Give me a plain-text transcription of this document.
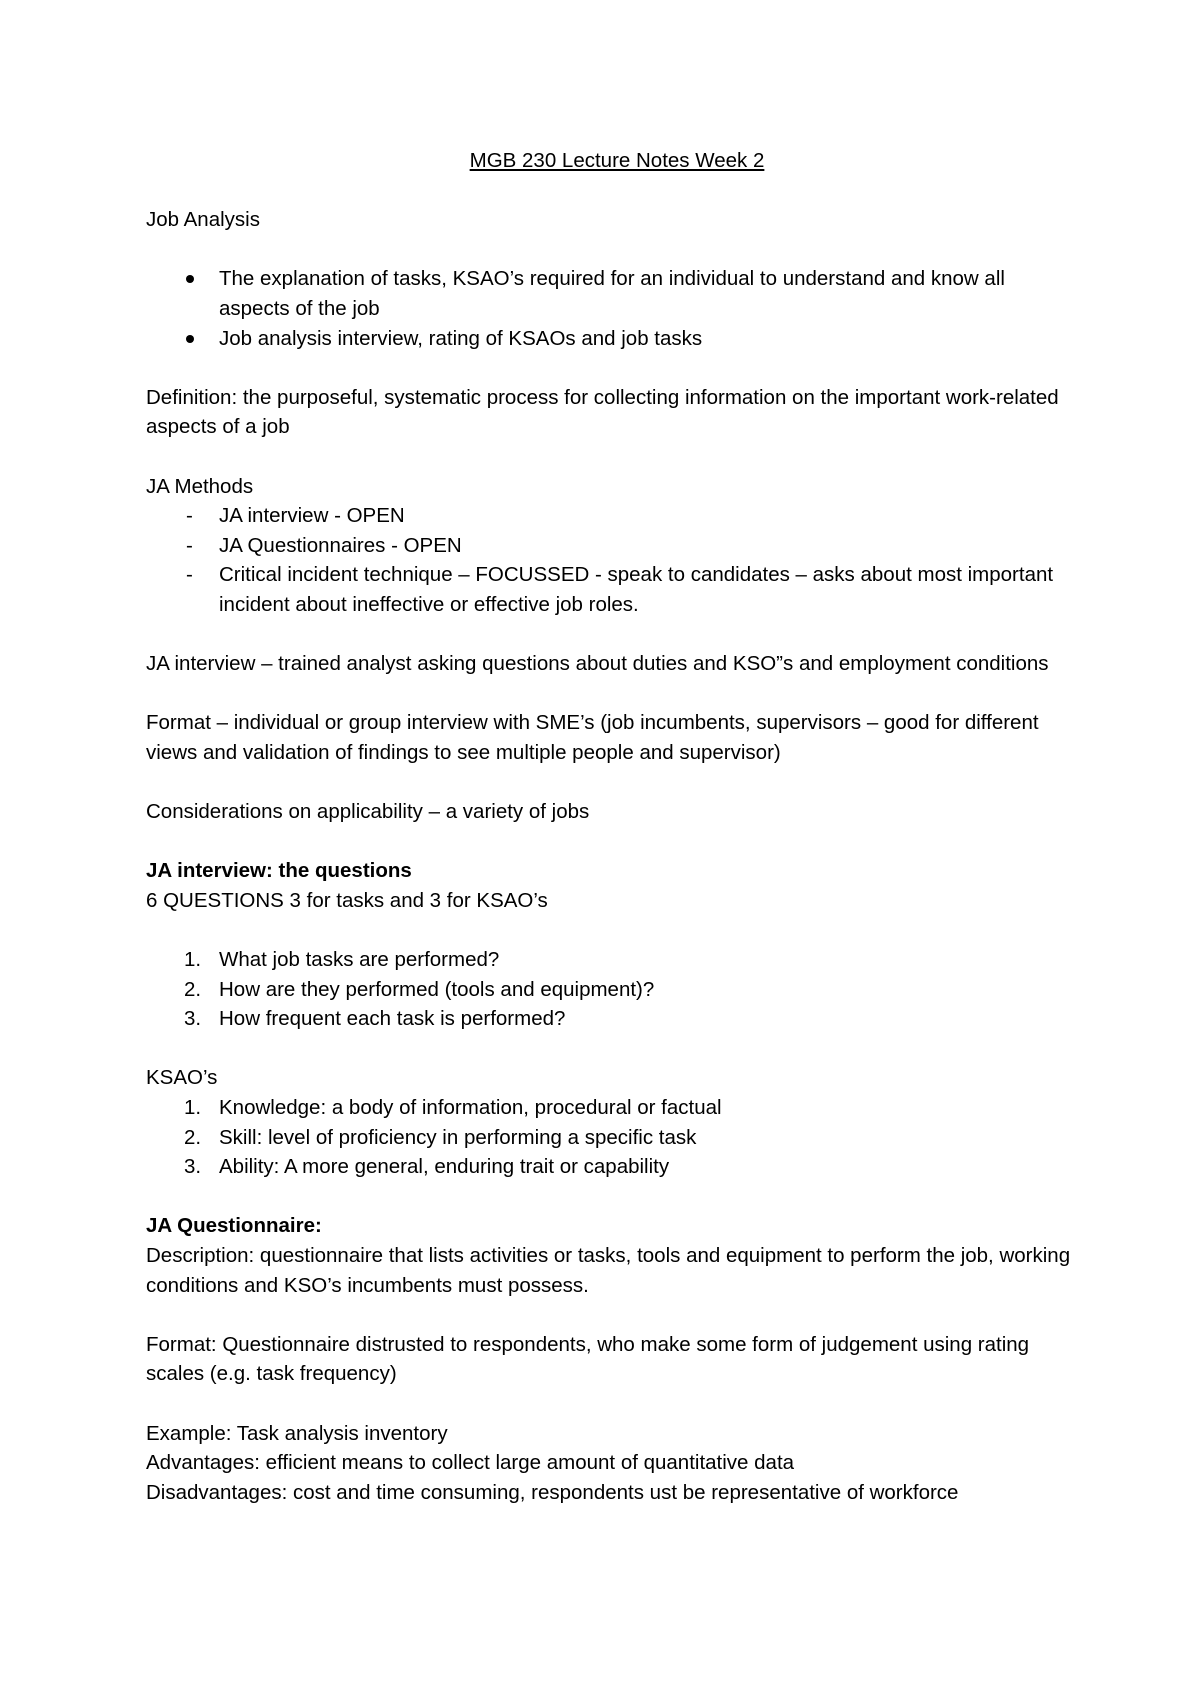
MGB 230 Lecture Notes Week 2

Job Analysis

The explanation of tasks, KSAO’s required for an individual to understand and know all aspects of the job
Job analysis interview, rating of KSAOs and job tasks

Definition: the purposeful, systematic process for collecting information on the important work-related aspects of a job

JA Methods

- JA interview - OPEN
- JA Questionnaires - OPEN
- Critical incident technique – FOCUSSED - speak to candidates – asks about most important incident about ineffective or effective job roles.

JA interview – trained analyst asking questions about duties and KSO”s and employment conditions

Format – individual or group interview with SME’s (job incumbents, supervisors – good for different views and validation of findings to see multiple people and supervisor)

Considerations on applicability – a variety of jobs

JA interview: the questions

6 QUESTIONS 3 for tasks and 3 for KSAO’s

1. What job tasks are performed?
2. How are they performed (tools and equipment)?
3. How frequent each task is performed?

KSAO’s

1. Knowledge: a body of information, procedural or factual
2. Skill: level of proficiency in performing a specific task
3. Ability: A more general, enduring trait or capability

JA Questionnaire:

Description: questionnaire that lists activities or tasks, tools and equipment to perform the job, working conditions and KSO’s incumbents must possess.

Format: Questionnaire distrusted to respondents, who make some form of judgement using rating scales (e.g. task frequency)

Example: Task analysis inventory

Advantages: efficient means to collect large amount of quantitative data

Disadvantages: cost and time consuming, respondents ust be representative of workforce
